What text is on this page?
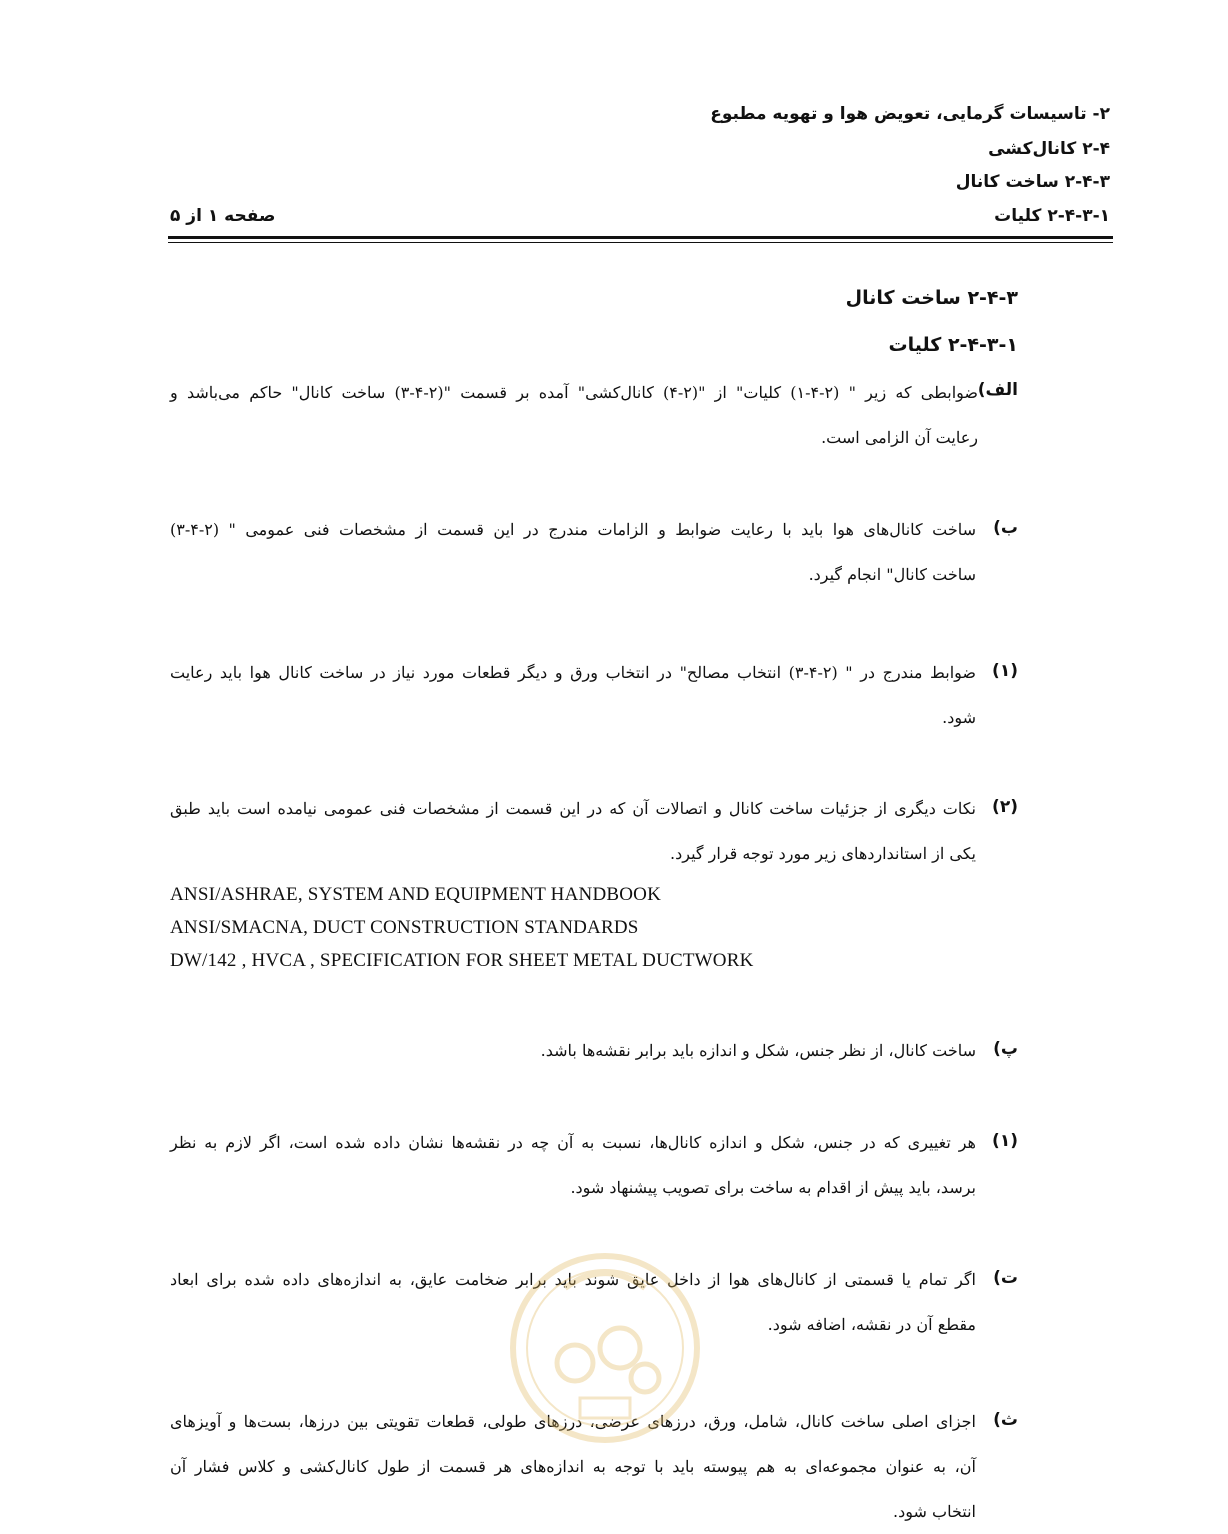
۲- تاسیسات گرمایی، تعویض هوا و تهویه مطبوع
۲-۴ کانال‌کشی
۲-۴-۳ ساخت کانال
۲-۴-۳-۱ کلیات
صفحه ۱ از ۵
۲-۴-۳ ساخت کانال
۲-۴-۳-۱ کلیات
الف)
ضوابطی که زیر " (۲-۴-۱) کلیات" از "(۲-۴) کانال‌کشی" آمده بر قسمت "(۲-۴-۳) ساخت کانال" حاکم می‌باشد و
رعایت آن الزامی است.
ب)
ساخت کانال‌های هوا باید با رعایت ضوابط و الزامات مندرج در این قسمت از مشخصات فنی عمومی " (۲-۴-۳)
ساخت کانال" انجام گیرد.
(۱)
ضوابط مندرج در " (۲-۴-۳) انتخاب مصالح" در انتخاب ورق و دیگر قطعات مورد نیاز در ساخت کانال هوا باید رعایت
شود.
(۲)
نکات دیگری از جزئیات ساخت کانال و اتصالات آن که در این قسمت از مشخصات فنی عمومی نیامده است باید طبق
یکی از استانداردهای زیر مورد توجه قرار گیرد.
ANSI/ASHRAE, SYSTEM AND EQUIPMENT HANDBOOK
ANSI/SMACNA, DUCT CONSTRUCTION STANDARDS
DW/142 , HVCA , SPECIFICATION FOR SHEET METAL DUCTWORK
پ)
ساخت کانال، از نظر جنس، شکل و اندازه باید برابر نقشه‌ها باشد.
(۱)
هر تغییری که در جنس، شکل و اندازه کانال‌ها، نسبت به آن چه در نقشه‌ها نشان داده شده است، اگر لازم به نظر
برسد، باید پیش از اقدام به ساخت برای تصویب پیشنهاد شود.
ت)
اگر تمام یا قسمتی از کانال‌های هوا از داخل عایق شوند باید برابر ضخامت عایق، به اندازه‌های داده شده برای ابعاد
مقطع آن در نقشه، اضافه شود.
ث)
اجزای اصلی ساخت کانال، شامل، ورق، درزهای عرضی، درزهای طولی، قطعات تقویتی بین درزها، بست‌ها و آویزهای
آن، به عنوان مجموعه‌ای به هم پیوسته باید با توجه به اندازه‌های هر قسمت از طول کانال‌کشی و کلاس فشار آن
انتخاب شود.
